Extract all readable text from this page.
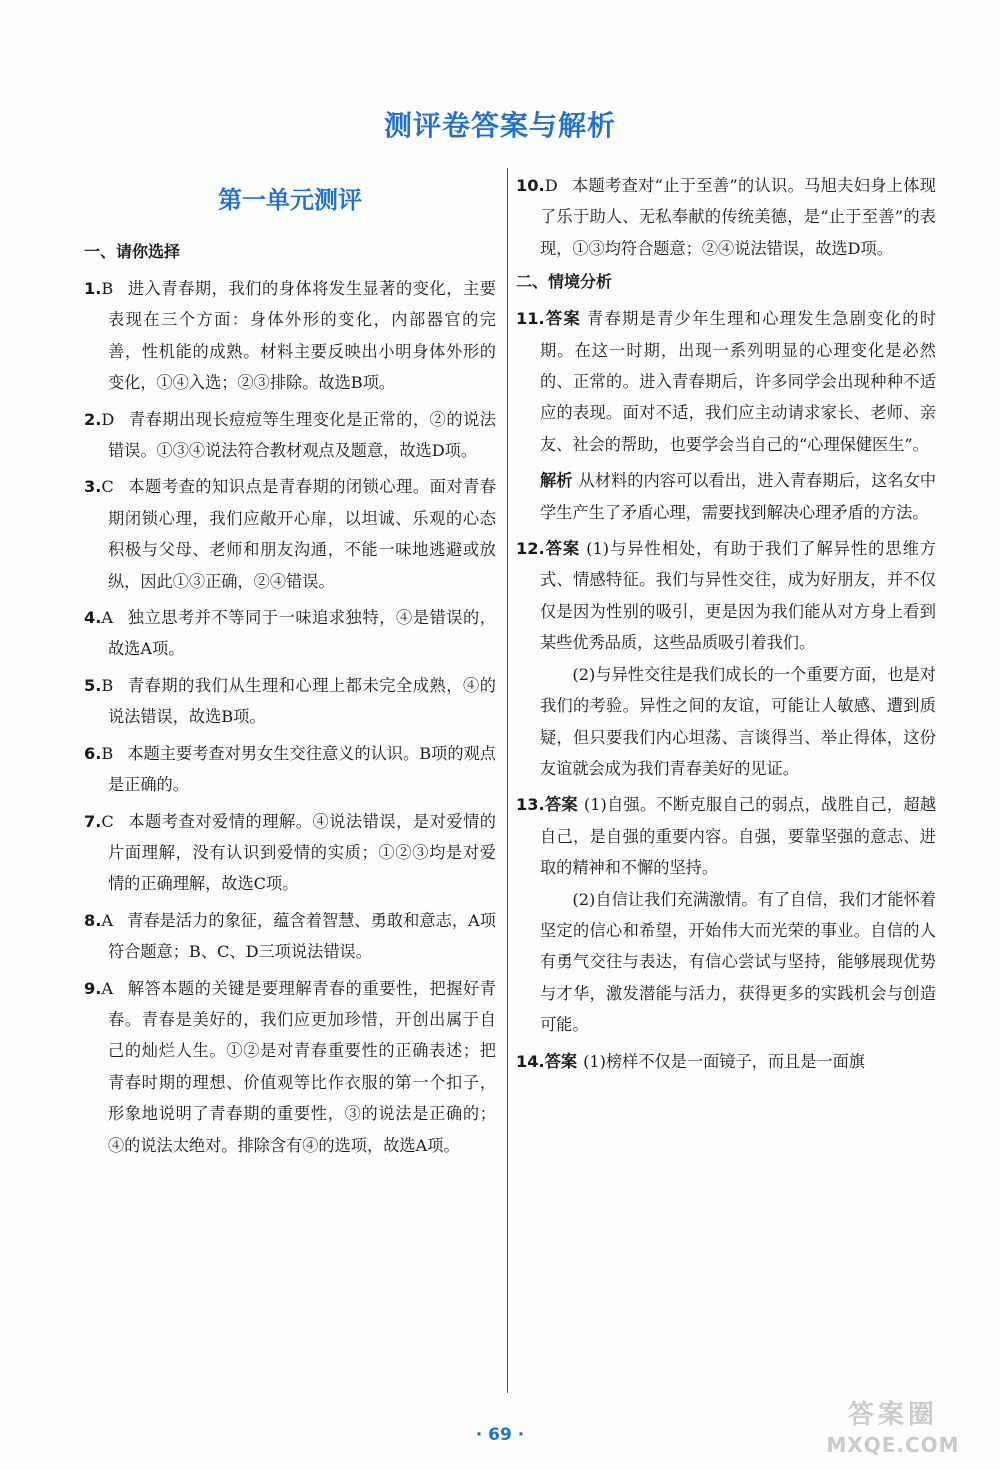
测评卷答案与解析
第一单元测评
一、请你选择
1.B 进入青春期，我们的身体将发生显著的变化，主要表现在三个方面：身体外形的变化，内部器官的完善，性机能的成熟。材料主要反映出小明身体外形的变化，①④入选；②③排除。故选B项。
2.D 青春期出现长痘痘等生理变化是正常的，②的说法错误。①③④说法符合教材观点及题意，故选D项。
3.C 本题考查的知识点是青春期的闭锁心理。面对青春期闭锁心理，我们应敞开心扉，以坦诚、乐观的心态积极与父母、老师和朋友沟通，不能一味地逃避或放纵，因此①③正确，②④错误。
4.A 独立思考并不等同于一味追求独特，④是错误的，故选A项。
5.B 青春期的我们从生理和心理上都未完全成熟，④的说法错误，故选B项。
6.B 本题主要考查对男女生交往意义的认识。B项的观点是正确的。
7.C 本题考查对爱情的理解。④说法错误，是对爱情的片面理解，没有认识到爱情的实质；①②③均是对爱情的正确理解，故选C项。
8.A 青春是活力的象征，蕴含着智慧、勇敢和意志，A项符合题意；B、C、D三项说法错误。
9.A 解答本题的关键是要理解青春的重要性，把握好青春。青春是美好的，我们应更加珍惜，开创出属于自己的灿烂人生。①②是对青春重要性的正确表述；把青春时期的理想、价值观等比作衣服的第一个扣子，形象地说明了青春期的重要性，③的说法是正确的；④的说法太绝对。排除含有④的选项，故选A项。
10.D 本题考查对“止于至善”的认识。马旭夫妇身上体现了乐于助人、无私奉献的传统美德，是“止于至善”的表现，①③均符合题意；②④说法错误，故选D项。
二、情境分析
11.答案 青春期是青少年生理和心理发生急剧变化的时期。在这一时期，出现一系列明显的心理变化是必然的、正常的。进入青春期后，许多同学会出现种种不适应的表现。面对不适，我们应主动请求家长、老师、亲友、社会的帮助，也要学会当自己的“心理保健医生”。
解析 从材料的内容可以看出，进入青春期后，这名女中学生产生了矛盾心理，需要找到解决心理矛盾的方法。
12.答案 (1)与异性相处，有助于我们了解异性的思维方式、情感特征。我们与异性交往，成为好朋友，并不仅仅是因为性别的吸引，更是因为我们能从对方身上看到某些优秀品质，这些品质吸引着我们。
(2)与异性交往是我们成长的一个重要方面，也是对我们的考验。异性之间的友谊，可能让人敏感、遭到质疑，但只要我们内心坦荡、言谈得当、举止得体，这份友谊就会成为我们青春美好的见证。
13.答案 (1)自强。不断克服自己的弱点，战胜自己，超越自己，是自强的重要内容。自强，要靠坚强的意志、进取的精神和不懈的坚持。
(2)自信让我们充满激情。有了自信，我们才能怀着坚定的信心和希望，开始伟大而光荣的事业。自信的人有勇气交往与表达，有信心尝试与坚持，能够展现优势与才华，激发潜能与活力，获得更多的实践机会与创造可能。
14.答案 (1)榜样不仅是一面镜子，而且是一面旗
· 69 ·
答案圈
MXQE.COM
